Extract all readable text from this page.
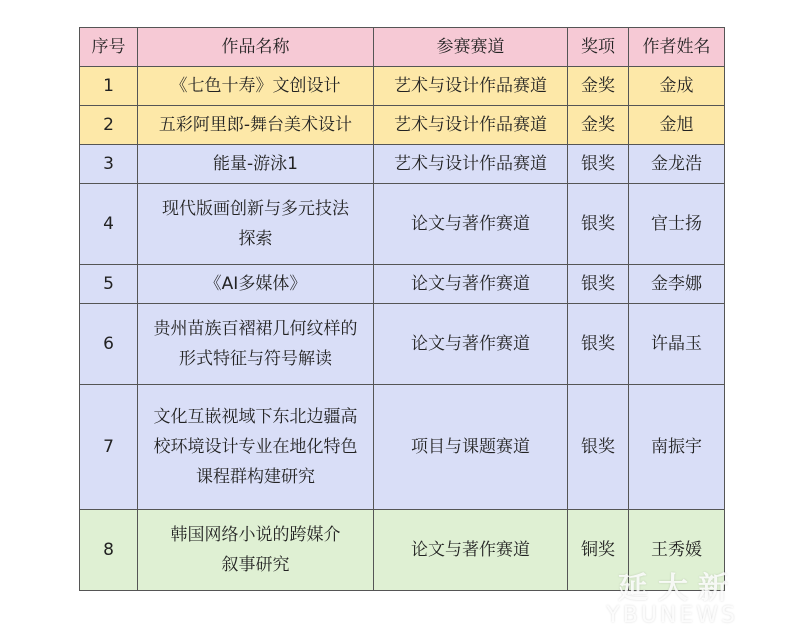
序号	作品名称	参赛赛道	奖项	作者姓名
1	《七色十寿》文创设计	艺术与设计作品赛道	金奖	金成
2	五彩阿里郎-舞台美术设计	艺术与设计作品赛道	金奖	金旭
3	能量-游泳1	艺术与设计作品赛道	银奖	金龙浩
4	现代版画创新与多元技法探索	论文与著作赛道	银奖	官士扬
5	《AI多媒体》	论文与著作赛道	银奖	金李娜
6	贵州苗族百褶裙几何纹样的形式特征与符号解读	论文与著作赛道	银奖	许晶玉
7	文化互嵌视域下东北边疆高校环境设计专业在地化特色课程群构建研究	项目与课题赛道	银奖	南振宇
8	韩国网络小说的跨媒介叙事研究	论文与著作赛道	铜奖	王秀媛
延大新
YBUNEWS
